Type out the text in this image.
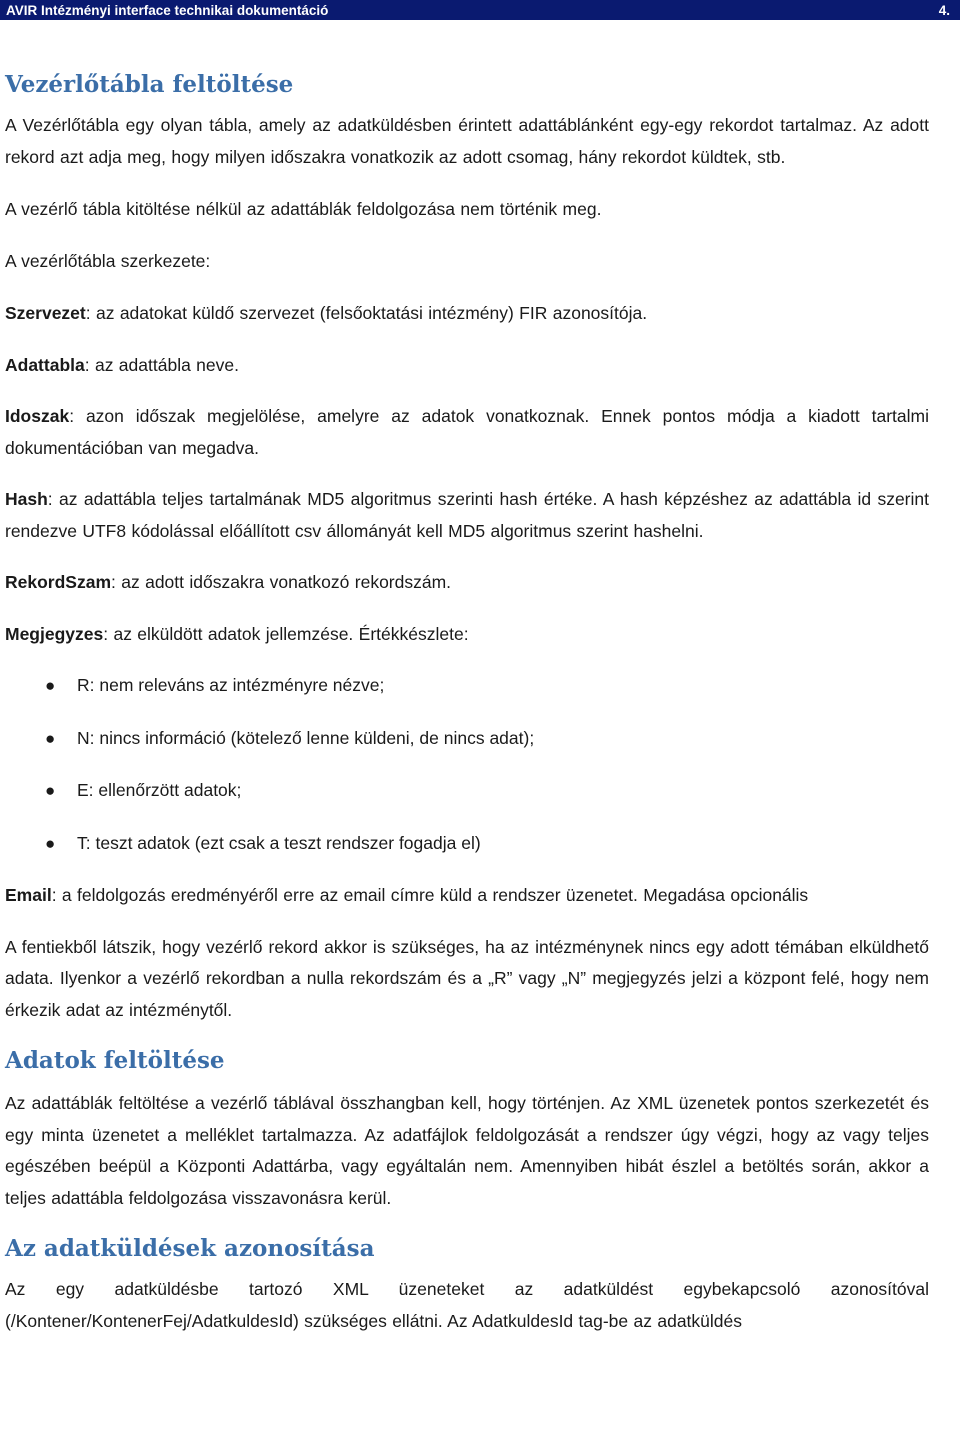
AVIR Intézményi interface technikai dokumentáció	4.
Vezérlőtábla feltöltése

A Vezérlőtábla egy olyan tábla, amely az adatküldésben érintett adattáblánként egy-egy rekordot tartalmaz. Az adott rekord azt adja meg, hogy milyen időszakra vonatkozik az adott csomag, hány rekordot küldtek, stb.

A vezérlő tábla kitöltése nélkül az adattáblák feldolgozása nem történik meg.

A vezérlőtábla szerkezete:

Szervezet: az adatokat küldő szervezet (felsőoktatási intézmény) FIR azonosítója.

Adattabla: az adattábla neve.

Idoszak: azon időszak megjelölése, amelyre az adatok vonatkoznak. Ennek pontos módja a kiadott tartalmi dokumentációban van megadva.

Hash: az adattábla teljes tartalmának MD5 algoritmus szerinti hash értéke. A hash képzéshez az adattábla id szerint rendezve UTF8 kódolással előállított csv állományát kell MD5 algoritmus szerint hashelni.

RekordSzam: az adott időszakra vonatkozó rekordszám.

Megjegyzes: az elküldött adatok jellemzése. Értékkészlete:

● R: nem releváns az intézményre nézve;
● N: nincs információ (kötelező lenne küldeni, de nincs adat);
● E: ellenőrzött adatok;
● T: teszt adatok (ezt csak a teszt rendszer fogadja el)

Email: a feldolgozás eredményéről erre az email címre küld a rendszer üzenetet. Megadása opcionális

A fentiekből látszik, hogy vezérlő rekord akkor is szükséges, ha az intézménynek nincs egy adott témában elküldhető adata. Ilyenkor a vezérlő rekordban a nulla rekordszám és a „R” vagy „N” megjegyzés jelzi a központ felé, hogy nem érkezik adat az intézménytől.

Adatok feltöltése

Az adattáblák feltöltése a vezérlő táblával összhangban kell, hogy történjen. Az XML üzenetek pontos szerkezetét és egy minta üzenetet a melléklet tartalmazza. Az adatfájlok feldolgozását a rendszer úgy végzi, hogy az vagy teljes egészében beépül a Központi Adattárba, vagy egyáltalán nem. Amennyiben hibát észlel a betöltés során, akkor a teljes adattábla feldolgozása visszavonásra kerül.

Az adatküldések azonosítása

Az egy adatküldésbe tartozó XML üzeneteket az adatküldést egybekapcsoló azonosítóval (/Kontener/KontenerFej/AdatkuldesId) szükséges ellátni. Az AdatkuldesId tag-be az adatküldés
